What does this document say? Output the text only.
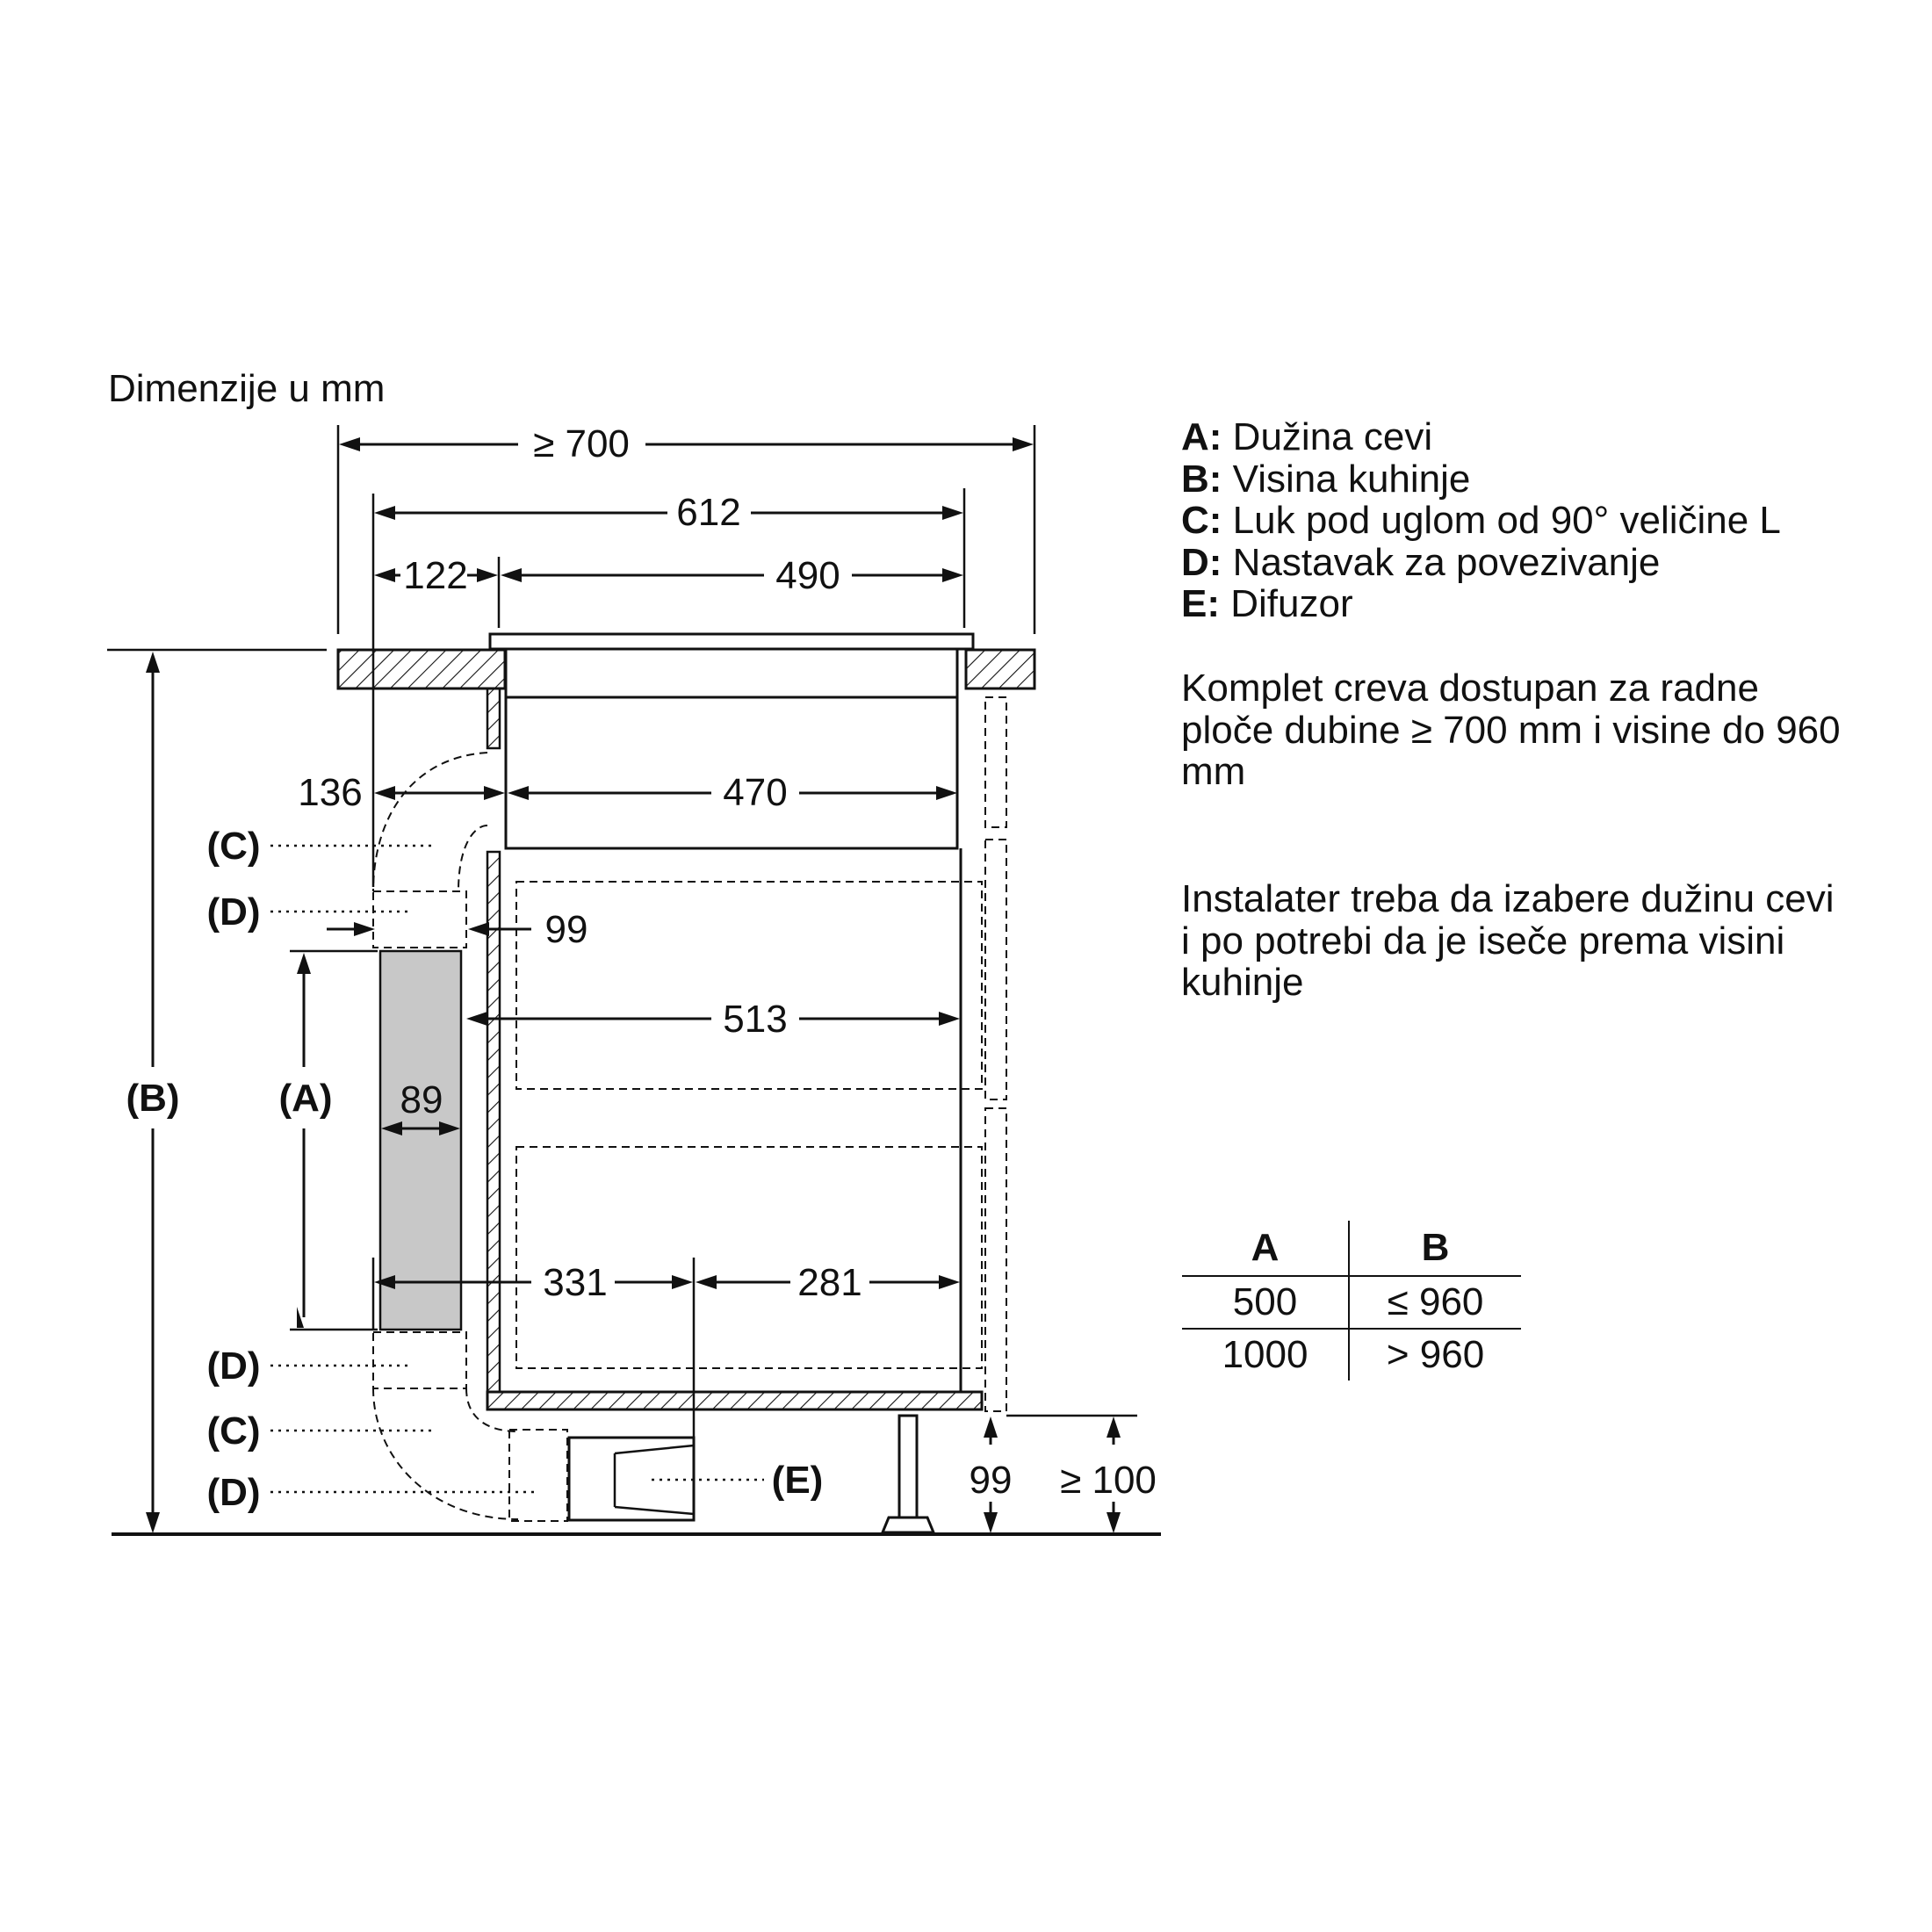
≥ 700
612
122	490
136	470
99
513
89
331	281
(B)	(A)
99 ≥ 100
(C)
(D)
(D)
(C)
(D)	(E)
Dimenzije u mm
A: Dužina cevi
B: Visina kuhinje
C: Luk pod uglom od 90° veličine L
D: Nastavak za povezivanje
E: Difuzor
Komplet creva dostupan za radne ploče dubine ≥ 700 mm i visine do 960 mm
Instalater treba da izabere dužinu cevi i po potrebi da je iseče prema visini kuhinje
A	B
500	≤ 960
1000	> 960
